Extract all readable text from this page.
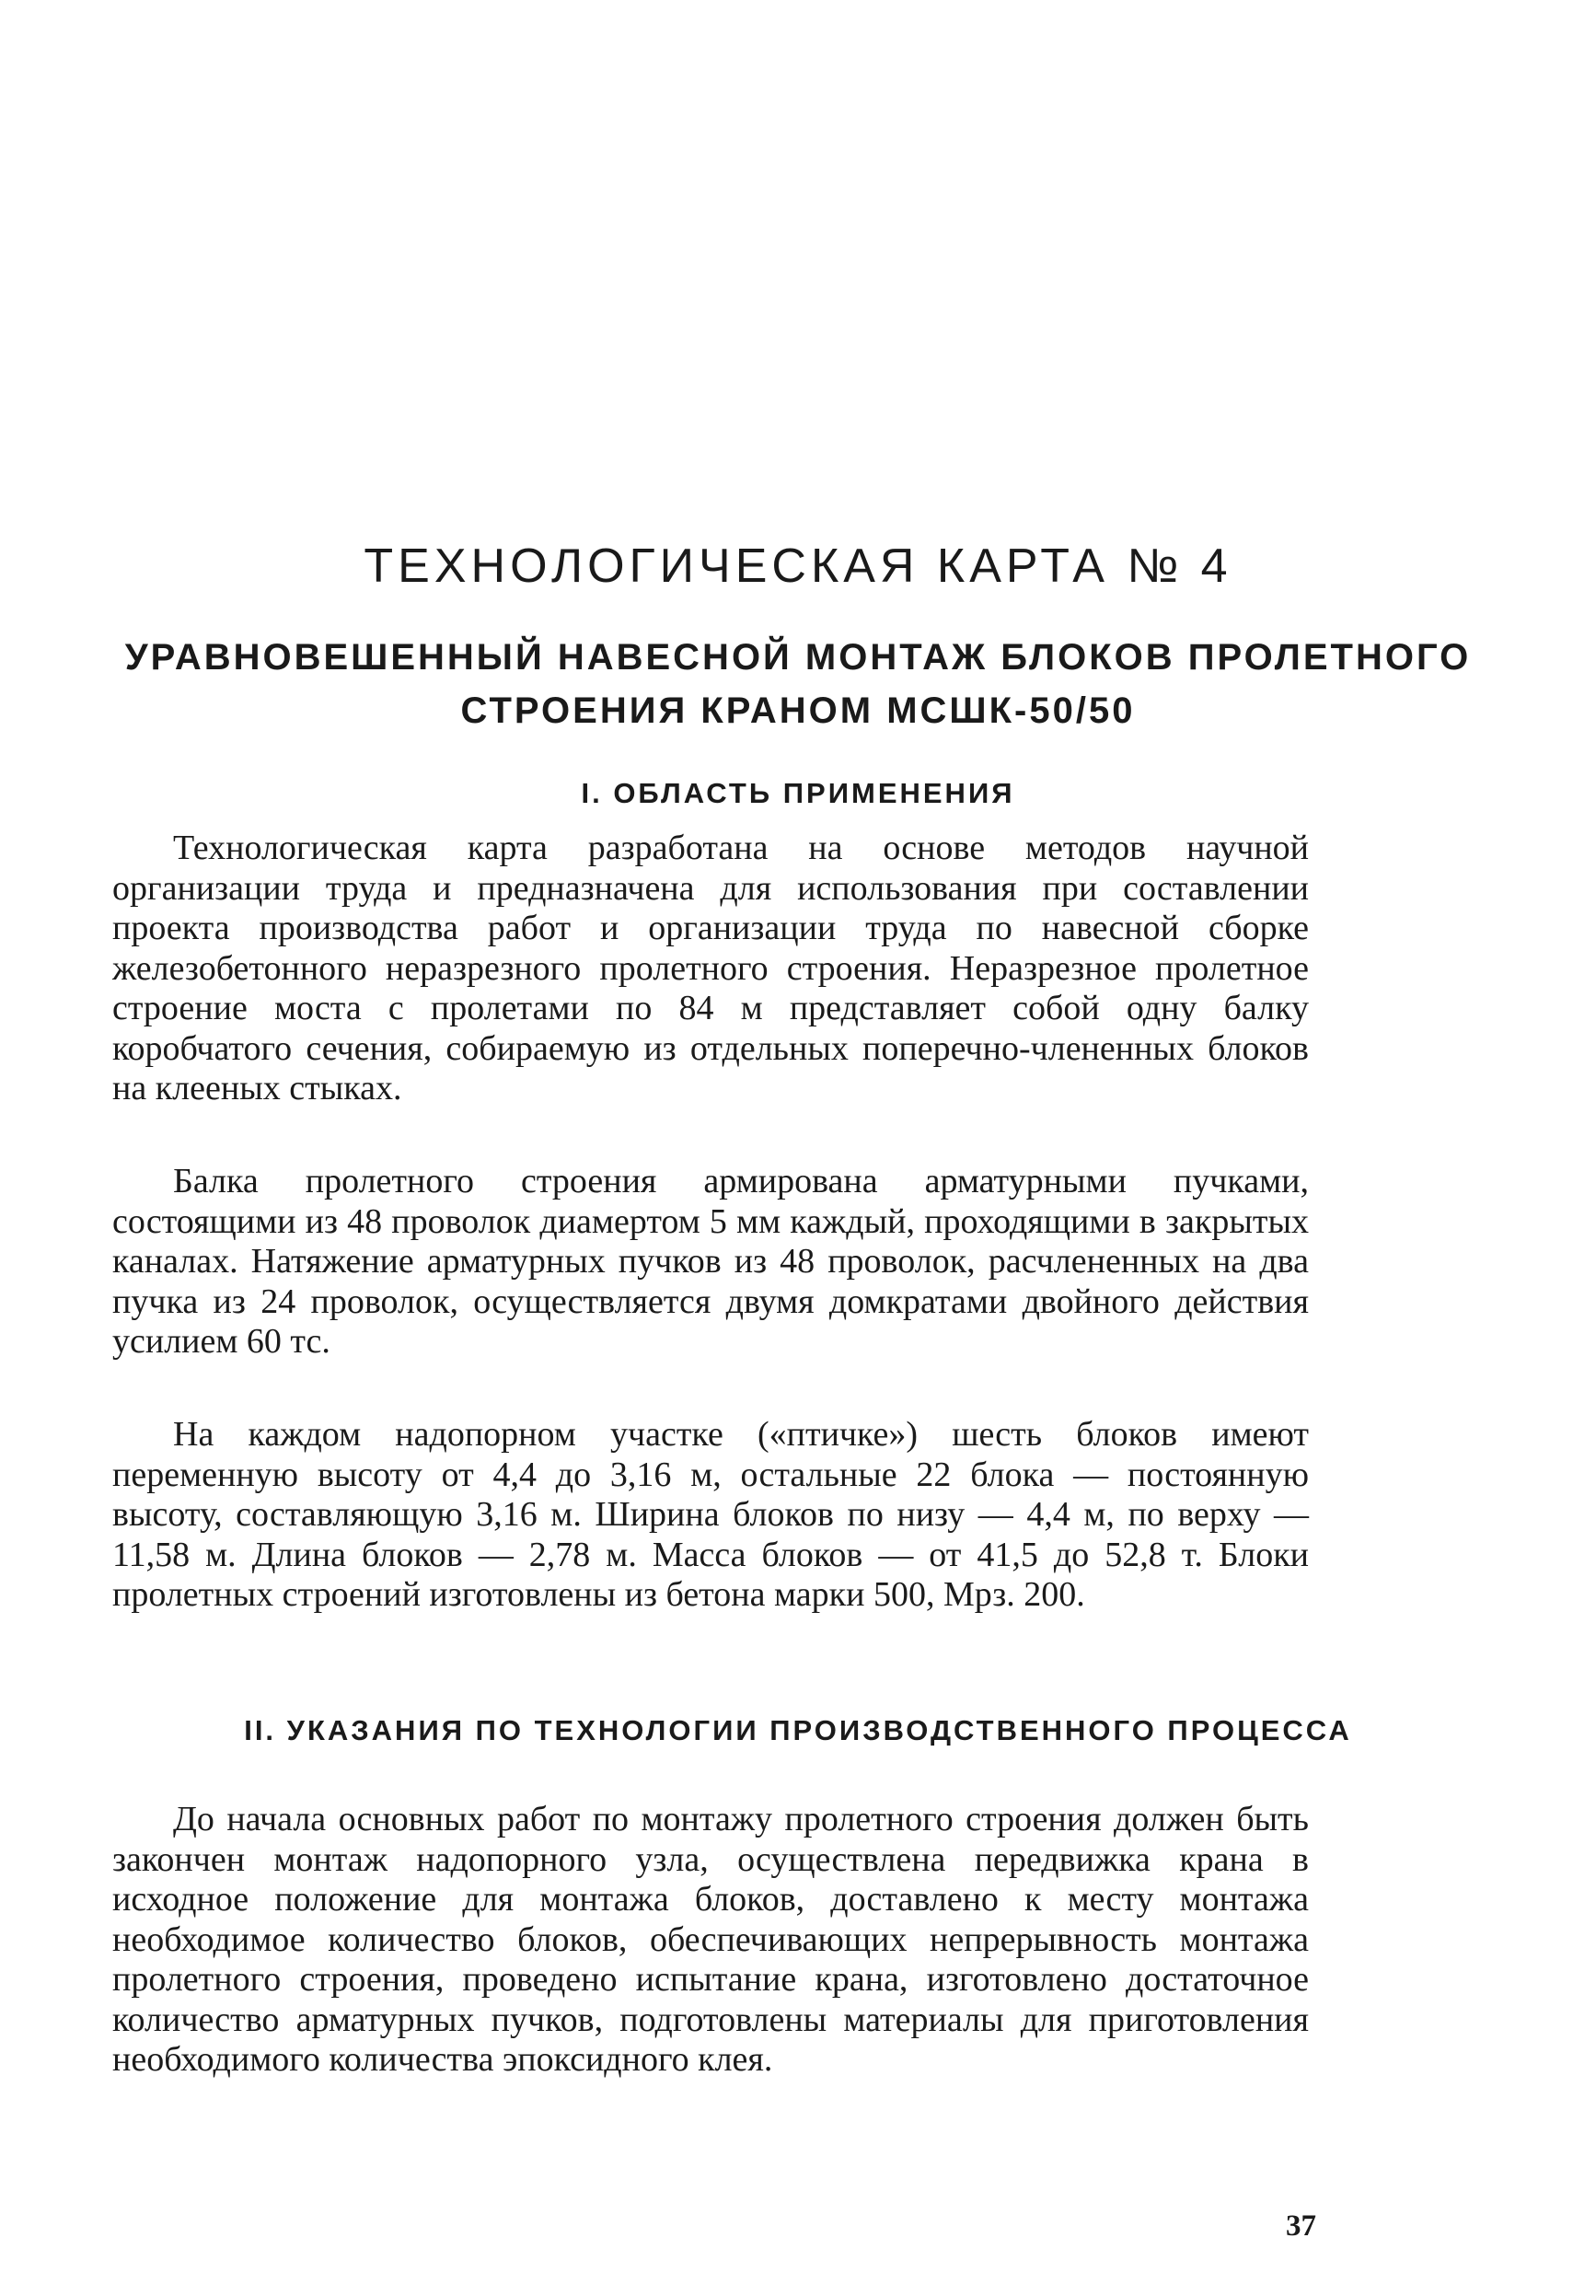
ТЕХНОЛОГИЧЕСКАЯ КАРТА № 4
УРАВНОВЕШЕННЫЙ НАВЕСНОЙ МОНТАЖ БЛОКОВ ПРОЛЕТНОГО СТРОЕНИЯ КРАНОМ МСШК-50/50
I. ОБЛАСТЬ ПРИМЕНЕНИЯ

Технологическая карта разработана на основе методов научной организации труда и предназначена для использования при составлении проекта производства работ и организации труда по навесной сборке железобетонного неразрезного пролетного строения. Неразрезное пролетное строение моста с пролетами по 84 м представляет собой одну балку коробчатого сечения, собираемую из отдельных поперечно-члененных блоков на клееных стыках.

Балка пролетного строения армирована арматурными пучками, состоящими из 48 проволок диамертом 5 мм каждый, проходящими в закрытых каналах. Натяжение арматурных пучков из 48 проволок, расчлененных на два пучка из 24 проволок, осуществляется двумя домкратами двойного действия усилием 60 тс.

На каждом надопорном участке («птичке») шесть блоков имеют переменную высоту от 4,4 до 3,16 м, остальные 22 блока — постоянную высоту, составляющую 3,16 м. Ширина блоков по низу — 4,4 м, по верху — 11,58 м. Длина блоков — 2,78 м. Масса блоков — от 41,5 до 52,8 т. Блоки пролетных строений изготовлены из бетона марки 500, Мрз. 200.

II. УКАЗАНИЯ ПО ТЕХНОЛОГИИ ПРОИЗВОДСТВЕННОГО ПРОЦЕССА

До начала основных работ по монтажу пролетного строения должен быть закончен монтаж надопорного узла, осуществлена передвижка крана в исходное положение для монтажа блоков, доставлено к месту монтажа необходимое количество блоков, обеспечивающих непрерывность монтажа пролетного строения, проведено испытание крана, изготовлено достаточное количество арматурных пучков, подготовлены материалы для приготовления необходимого количества эпоксидного клея.

37
